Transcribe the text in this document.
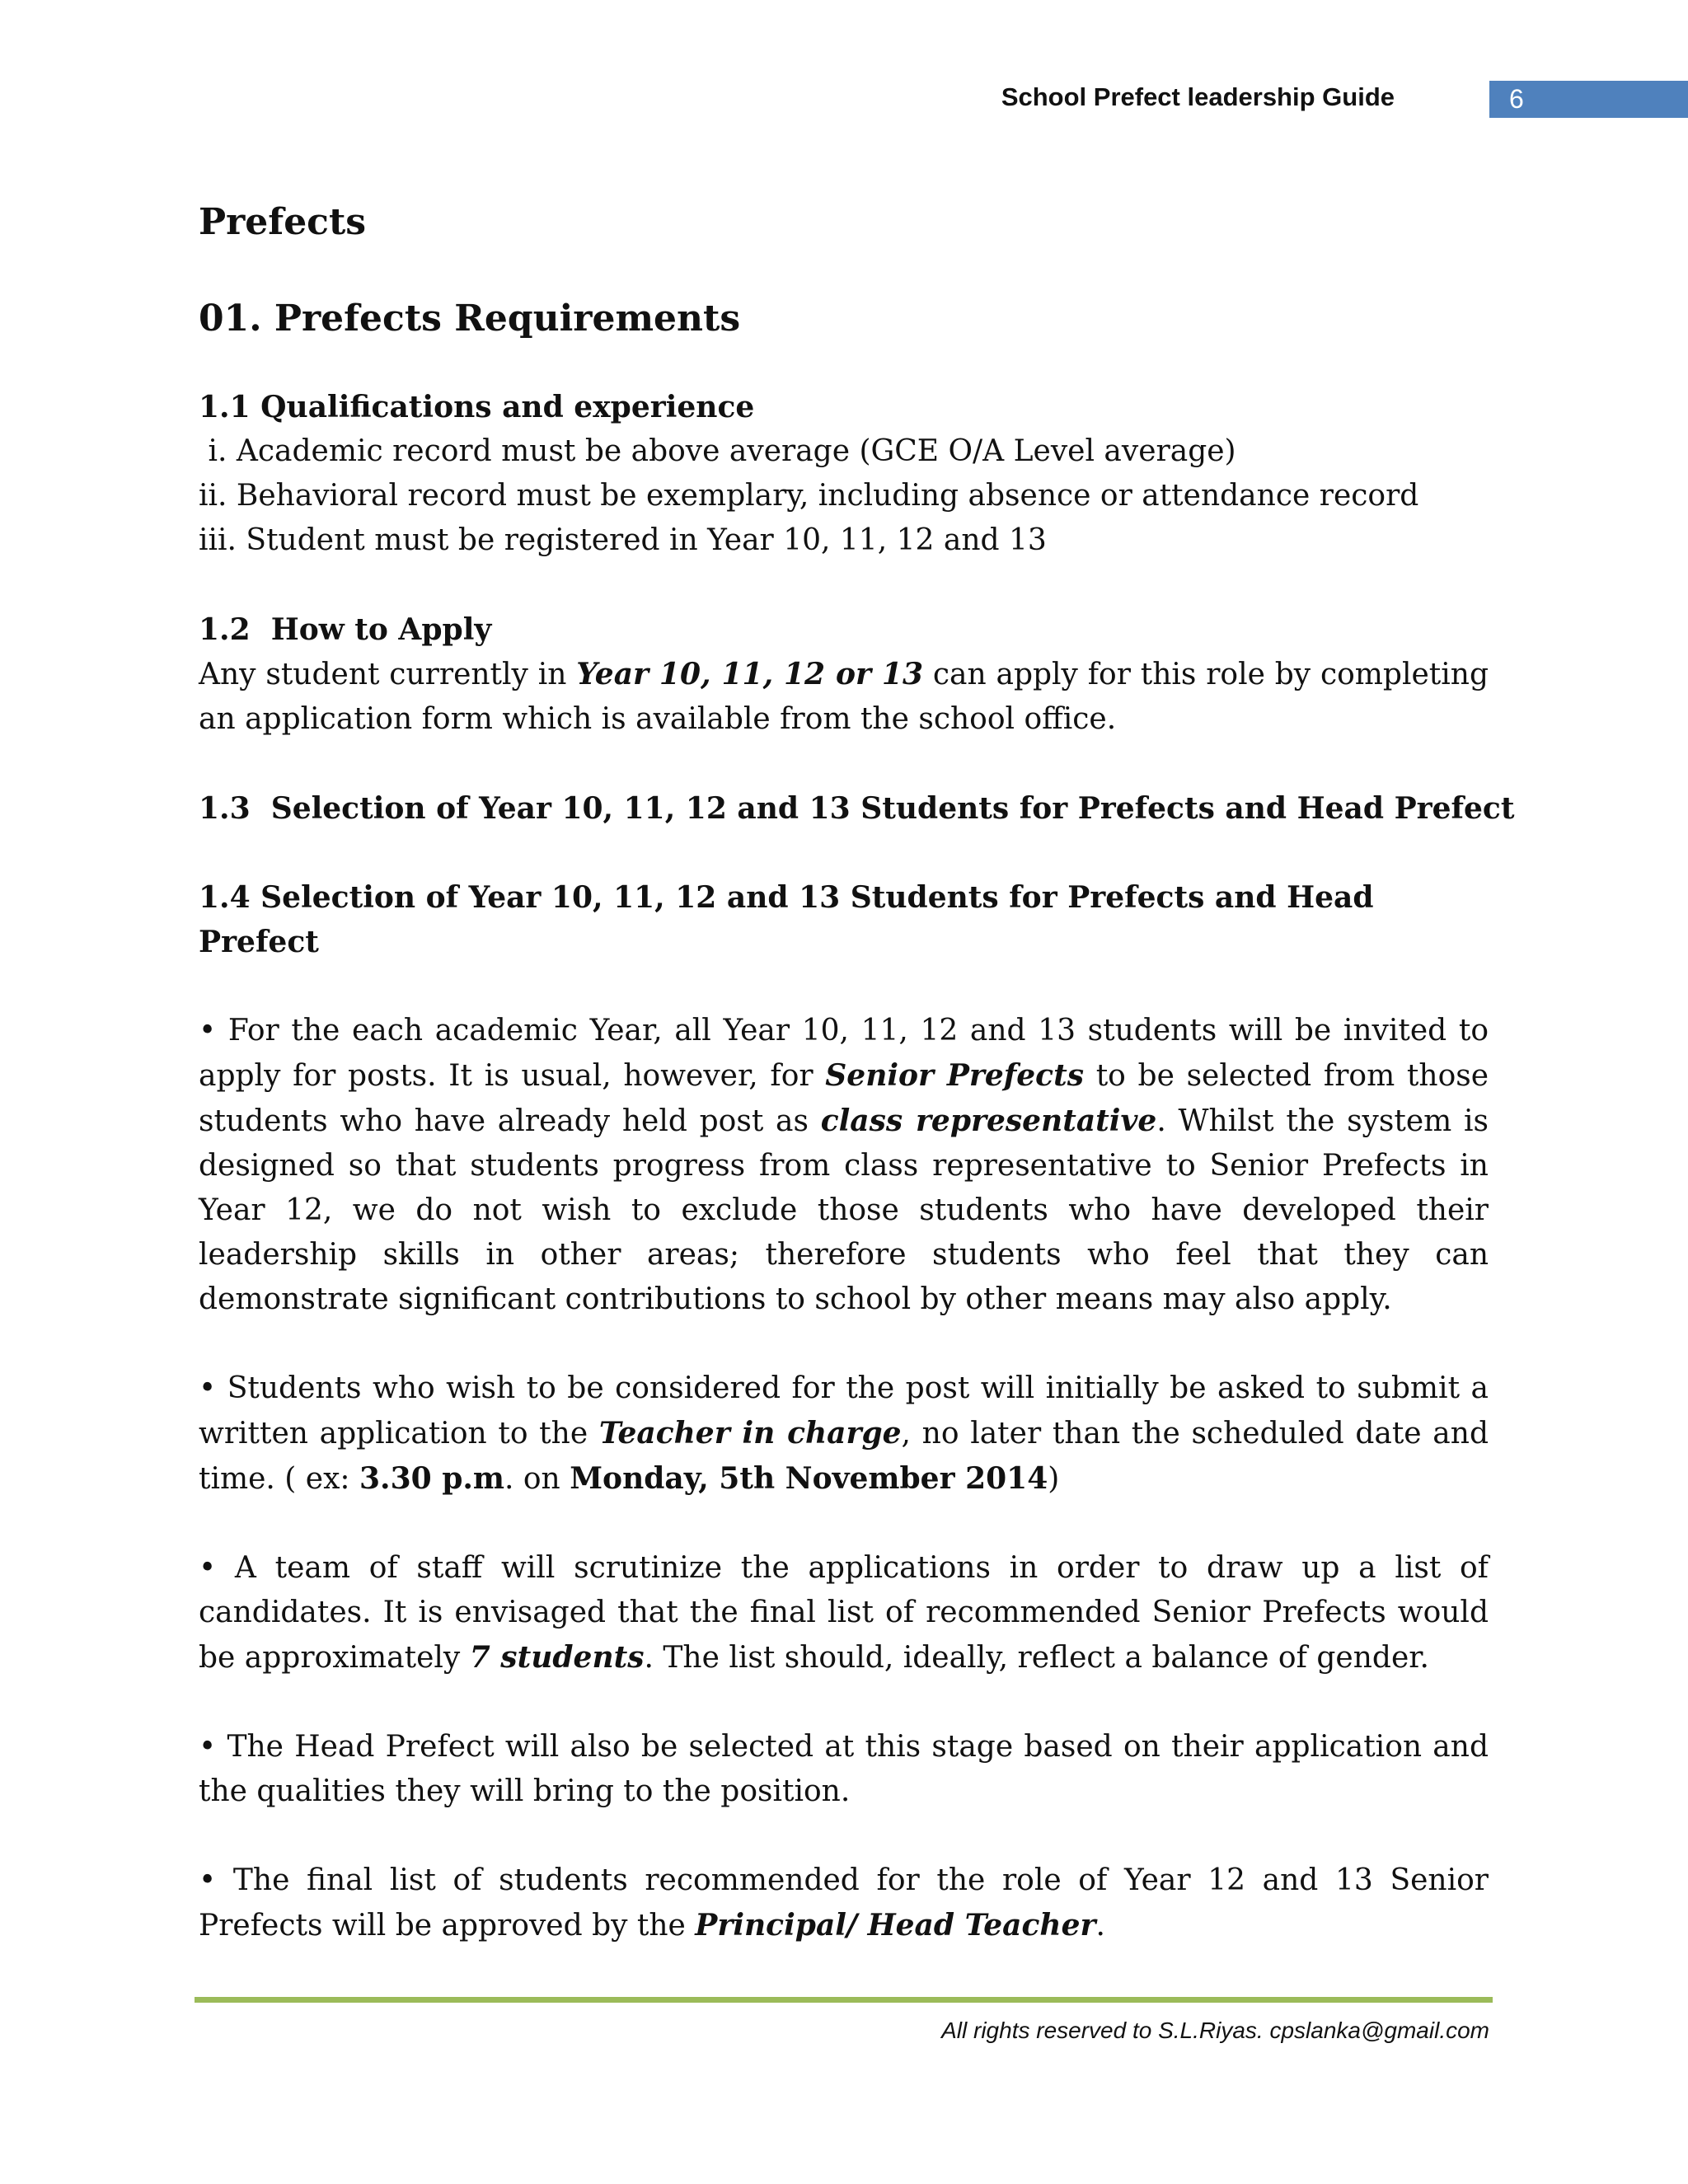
School Prefect leadership Guide	6

Prefects

01. Prefects Requirements

1.1 Qualifications and experience

i. Academic record must be above average (GCE O/A Level average)

ii. Behavioral record must be exemplary, including absence or attendance record

iii. Student must be registered in Year 10, 11, 12 and 13

1.2  How to Apply

Any student currently in Year 10, 11, 12 or 13 can apply for this role by completing an application form which is available from the school office.

1.3  Selection of Year 10, 11, 12 and 13 Students for Prefects and Head Prefect

1.4 Selection of Year 10, 11, 12 and 13 Students for Prefects and Head Prefect

• For the each academic Year, all Year 10, 11, 12 and 13 students will be invited to apply for posts. It is usual, however, for Senior Prefects to be selected from those students who have already held post as class representative. Whilst the system is designed so that students progress from class representative to Senior Prefects in Year 12, we do not wish to exclude those students who have developed their leadership skills in other areas; therefore students who feel that they can demonstrate significant contributions to school by other means may also apply.

• Students who wish to be considered for the post will initially be asked to submit a written application to the Teacher in charge, no later than the scheduled date and time. ( ex: 3.30 p.m. on Monday, 5th November 2014)

• A team of staff will scrutinize the applications in order to draw up a list of candidates. It is envisaged that the final list of recommended Senior Prefects would be approximately 7 students. The list should, ideally, reflect a balance of gender.

• The Head Prefect will also be selected at this stage based on their application and the qualities they will bring to the position.

• The final list of students recommended for the role of Year 12 and 13 Senior Prefects will be approved by the Principal/ Head Teacher.

All rights reserved to S.L.Riyas. cpslanka@gmail.com
